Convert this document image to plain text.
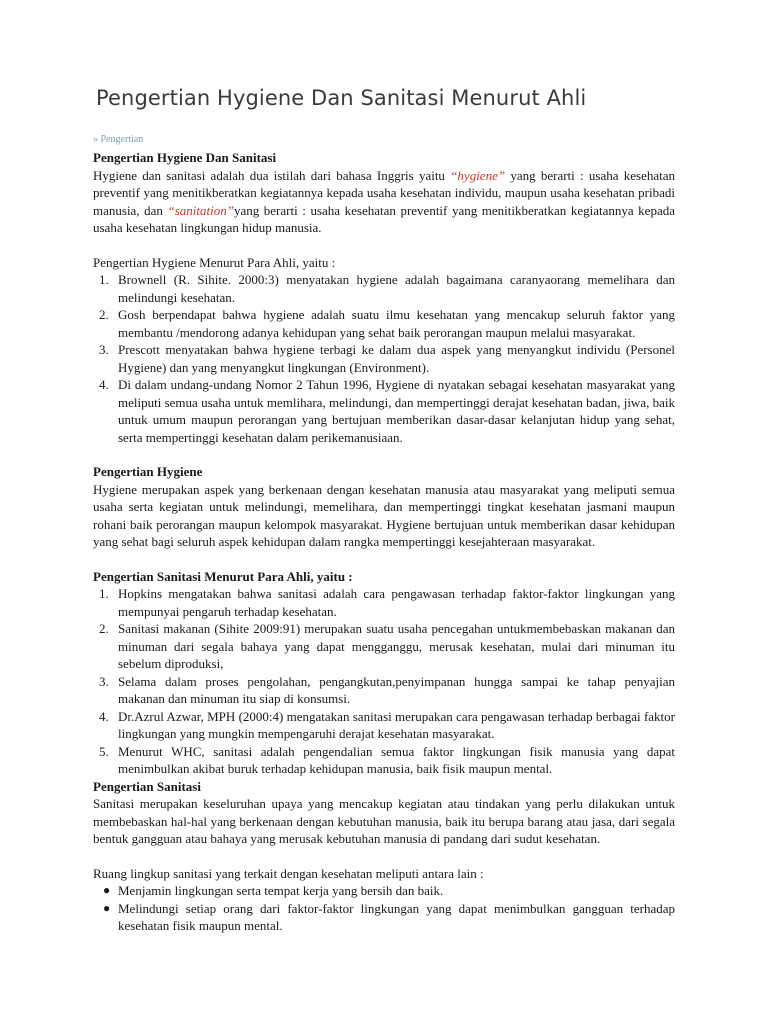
Pengertian Hygiene Dan Sanitasi Menurut Ahli
» Pengertian
Pengertian Hygiene Dan Sanitasi

Hygiene dan sanitasi adalah dua istilah dari bahasa Inggris yaitu “hygiene” yang berarti : usaha kesehatan preventif yang menitikberatkan kegiatannya kepada usaha kesehatan individu, maupun usaha kesehatan pribadi manusia, dan “sanitation”yang berarti : usaha kesehatan preventif yang menitikberatkan kegiatannya kepada usaha kesehatan lingkungan hidup manusia.

Pengertian Hygiene Menurut Para Ahli, yaitu :

1. Brownell (R. Sihite. 2000:3) menyatakan hygiene adalah bagaimana caranyaorang memelihara dan melindungi kesehatan.
2. Gosh berpendapat bahwa hygiene adalah suatu ilmu kesehatan yang mencakup seluruh faktor yang membantu /mendorong adanya kehidupan yang sehat baik perorangan maupun melalui masyarakat.
3. Prescott menyatakan bahwa hygiene terbagi ke dalam dua aspek yang menyangkut individu (Personel Hygiene) dan yang menyangkut lingkungan (Environment).
4. Di dalam undang-undang Nomor 2 Tahun 1996, Hygiene di nyatakan sebagai kesehatan masyarakat yang meliputi semua usaha untuk memlihara, melindungi, dan mempertinggi derajat kesehatan badan, jiwa, baik untuk umum maupun perorangan yang bertujuan memberikan dasar-dasar kelanjutan hidup yang sehat, serta mempertinggi kesehatan dalam perikemanusiaan.
Pengertian Hygiene

Hygiene merupakan aspek yang berkenaan dengan kesehatan manusia atau masyarakat yang meliputi semua usaha serta kegiatan untuk melindungi, memelihara, dan mempertinggi tingkat kesehatan jasmani maupun rohani baik perorangan maupun kelompok masyarakat. Hygiene bertujuan untuk memberikan dasar kehidupan yang sehat bagi seluruh aspek kehidupan dalam rangka mempertinggi kesejahteraan masyarakat.

Pengertian Sanitasi Menurut Para Ahli, yaitu :
1. Hopkins mengatakan bahwa sanitasi adalah cara pengawasan terhadap faktor-faktor lingkungan yang mempunyai pengaruh terhadap kesehatan.
2. Sanitasi makanan (Sihite 2009:91) merupakan suatu usaha pencegahan untukmembebaskan makanan dan minuman dari segala bahaya yang dapat mengganggu, merusak kesehatan, mulai dari minuman itu sebelum diproduksi,
3. Selama dalam proses pengolahan, pengangkutan,penyimpanan hungga sampai ke tahap penyajian makanan dan minuman itu siap di konsumsi.
4. Dr.Azrul Azwar, MPH (2000:4) mengatakan sanitasi merupakan cara pengawasan terhadap berbagai faktor lingkungan yang mungkin mempengaruhi derajat kesehatan masyarakat.
5. Menurut WHC, sanitasi adalah pengendalian semua faktor lingkungan fisik manusia yang dapat menimbulkan akibat buruk terhadap kehidupan manusia, baik fisik maupun mental.
Pengertian Sanitasi

Sanitasi merupakan keseluruhan upaya yang mencakup kegiatan atau tindakan yang perlu dilakukan untuk membebaskan hal-hal yang berkenaan dengan kebutuhan manusia, baik itu berupa barang atau jasa, dari segala bentuk gangguan atau bahaya yang merusak kebutuhan manusia di pandang dari sudut kesehatan.

Ruang lingkup sanitasi yang terkait dengan kesehatan meliputi antara lain :

● Menjamin lingkungan serta tempat kerja yang bersih dan baik.
● Melindungi setiap orang dari faktor-faktor lingkungan yang dapat menimbulkan gangguan terhadap kesehatan fisik maupun mental.
